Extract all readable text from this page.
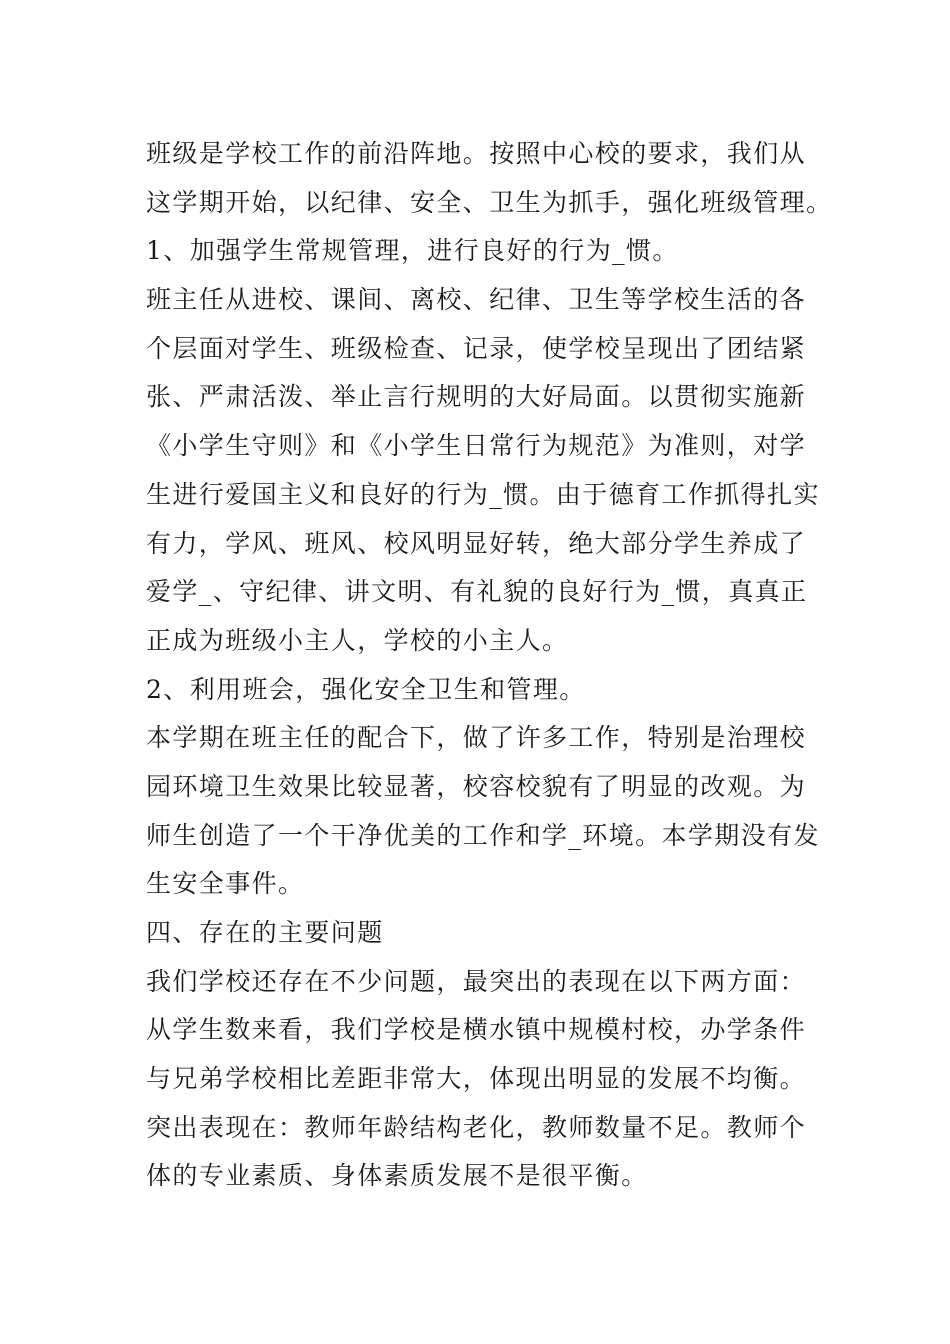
班级是学校工作的前沿阵地。按照中心校的要求，我们从
这学期开始，以纪律、安全、卫生为抓手，强化班级管理。
1、加强学生常规管理，进行良好的行为_惯。
班主任从进校、课间、离校、纪律、卫生等学校生活的各
个层面对学生、班级检查、记录，使学校呈现出了团结紧
张、严肃活泼、举止言行规明的大好局面。以贯彻实施新
《小学生守则》和《小学生日常行为规范》为准则，对学
生进行爱国主义和良好的行为_惯。由于德育工作抓得扎实
有力，学风、班风、校风明显好转，绝大部分学生养成了
爱学_、守纪律、讲文明、有礼貌的良好行为_惯，真真正
正成为班级小主人，学校的小主人。
2、利用班会，强化安全卫生和管理。
本学期在班主任的配合下，做了许多工作，特别是治理校
园环境卫生效果比较显著，校容校貌有了明显的改观。为
师生创造了一个干净优美的工作和学_环境。本学期没有发
生安全事件。
四、存在的主要问题
我们学校还存在不少问题，最突出的表现在以下两方面：
从学生数来看，我们学校是横水镇中规模村校，办学条件
与兄弟学校相比差距非常大，体现出明显的发展不均衡。
突出表现在：教师年龄结构老化，教师数量不足。教师个
体的专业素质、身体素质发展不是很平衡。
